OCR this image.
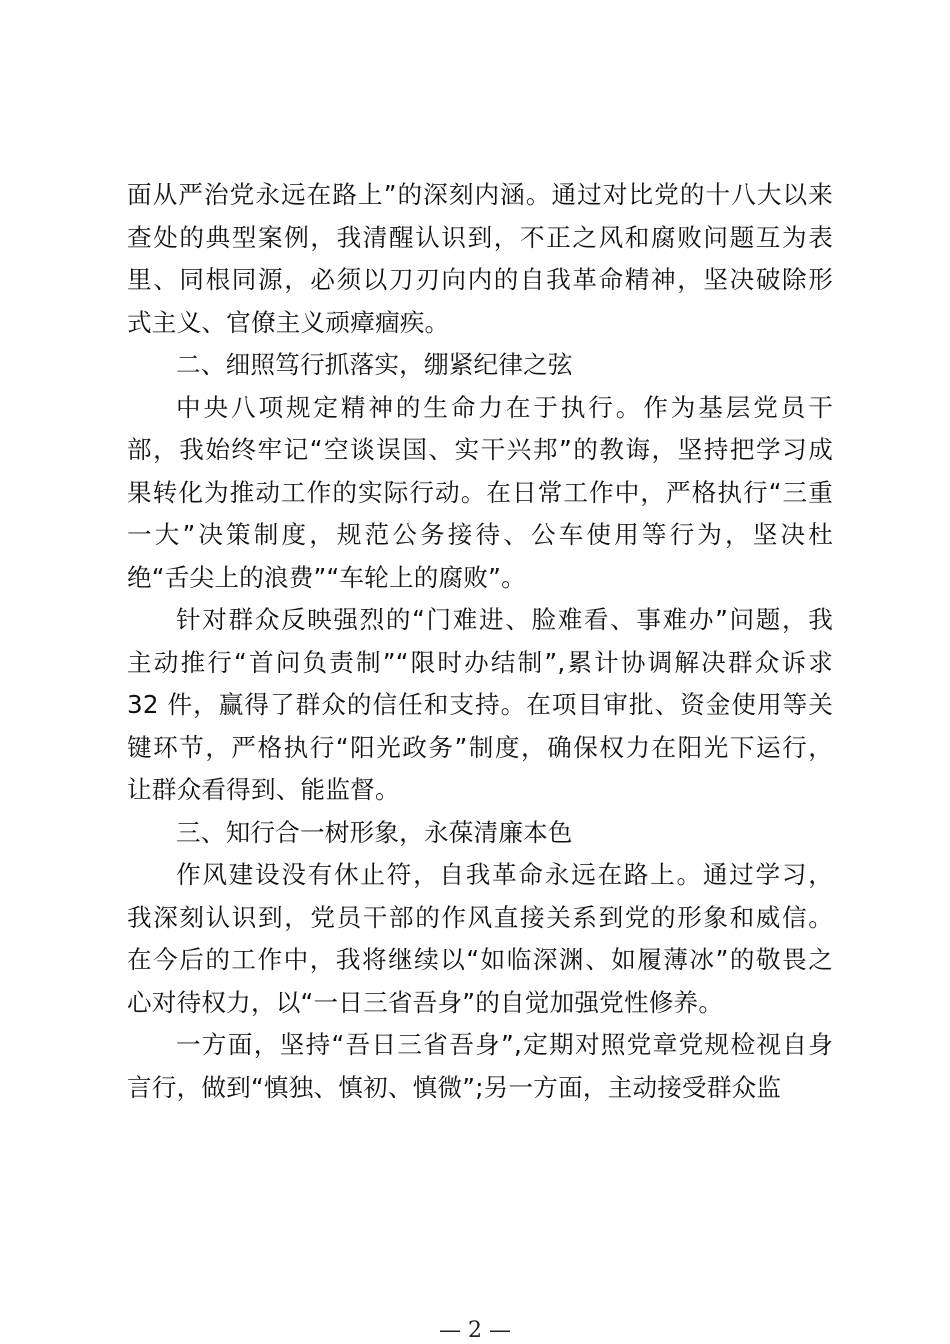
面从严治党永远在路上”的深刻内涵。通过对比党的十八大以来
查处的典型案例，我清醒认识到，不正之风和腐败问题互为表
里、同根同源，必须以刀刃向内的自我革命精神，坚决破除形
式主义、官僚主义顽瘴痼疾。
二、细照笃行抓落实，绷紧纪律之弦
中央八项规定精神的生命力在于执行。作为基层党员干
部，我始终牢记“空谈误国、实干兴邦”的教诲，坚持把学习成
果转化为推动工作的实际行动。在日常工作中，严格执行“三重
一大”决策制度，规范公务接待、公车使用等行为，坚决杜
绝“舌尖上的浪费”“车轮上的腐败”。
针对群众反映强烈的“门难进、脸难看、事难办”问题，我
主动推行“首问负责制”“限时办结制”,累计协调解决群众诉求
32 件，赢得了群众的信任和支持。在项目审批、资金使用等关
键环节，严格执行“阳光政务”制度，确保权力在阳光下运行，
让群众看得到、能监督。
三、知行合一树形象，永葆清廉本色
作风建设没有休止符，自我革命永远在路上。通过学习，
我深刻认识到，党员干部的作风直接关系到党的形象和威信。
在今后的工作中，我将继续以“如临深渊、如履薄冰”的敬畏之
心对待权力，以“一日三省吾身”的自觉加强党性修养。
一方面，坚持“吾日三省吾身”,定期对照党章党规检视自身
言行，做到“慎独、慎初、慎微”;另一方面，主动接受群众监
— 2 —
